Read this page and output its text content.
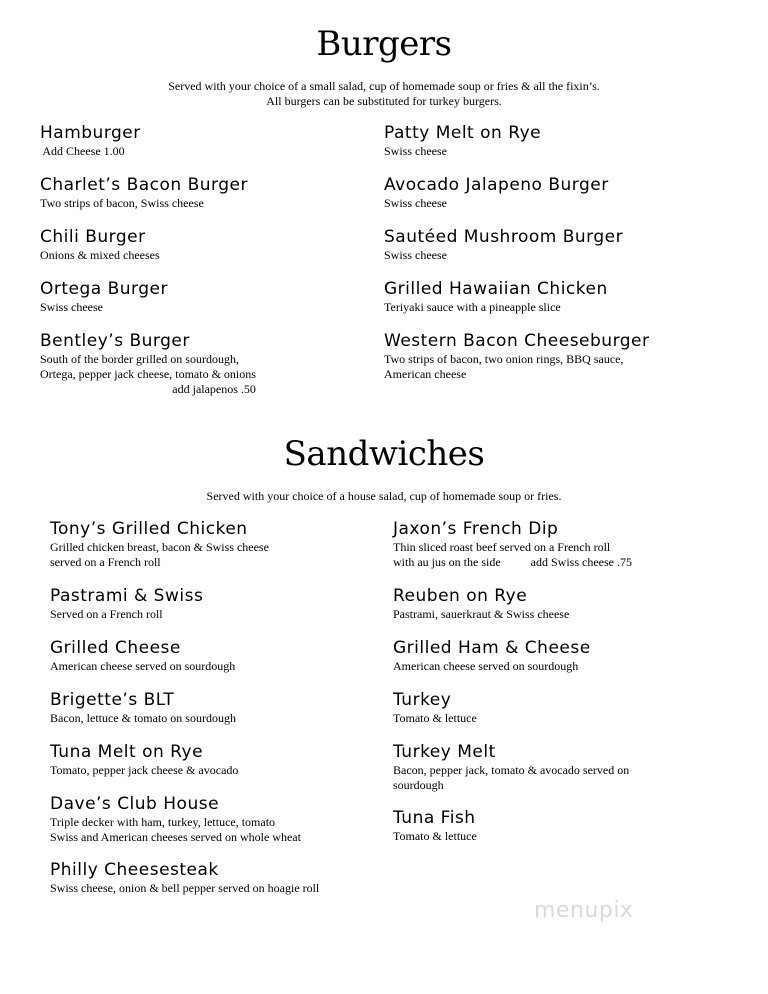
Burgers

Served with your choice of a small salad, cup of homemade soup or fries & all the fixin’s.

All burgers can be substituted for turkey burgers.

Hamburger
Add Cheese 1.00
Charlet’s Bacon Burger
Two strips of bacon, Swiss cheese
Chili Burger
Onions & mixed cheeses
Ortega Burger
Swiss cheese
Bentley’s Burger
South of the border grilled on sourdough,
Ortega, pepper jack cheese, tomato & onions
add jalapenos .50
Patty Melt on Rye
Swiss cheese
Avocado Jalapeno Burger
Swiss cheese
Sautéed Mushroom Burger
Swiss cheese
Grilled Hawaiian Chicken
Teriyaki sauce with a pineapple slice
Western Bacon Cheeseburger
Two strips of bacon, two onion rings, BBQ sauce,
American cheese
Sandwiches

Served with your choice of a house salad, cup of homemade soup or fries.

Tony’s Grilled Chicken
Grilled chicken breast, bacon & Swiss cheese
served on a French roll
Pastrami & Swiss
Served on a French roll
Grilled Cheese
American cheese served on sourdough
Brigette’s BLT
Bacon, lettuce & tomato on sourdough
Tuna Melt on Rye
Tomato, pepper jack cheese & avocado
Dave’s Club House
Triple decker with ham, turkey, lettuce, tomato
Swiss and American cheeses served on whole wheat
Philly Cheesesteak
Swiss cheese, onion & bell pepper served on hoagie roll
Jaxon’s French Dip
Thin sliced roast beef served on a French roll
with au jus on the side          add Swiss cheese .75
Reuben on Rye
Pastrami, sauerkraut & Swiss cheese
Grilled Ham & Cheese
American cheese served on sourdough
Turkey
Tomato & lettuce
Turkey Melt
Bacon, pepper jack, tomato & avocado served on
sourdough
Tuna Fish
Tomato & lettuce
menupix
